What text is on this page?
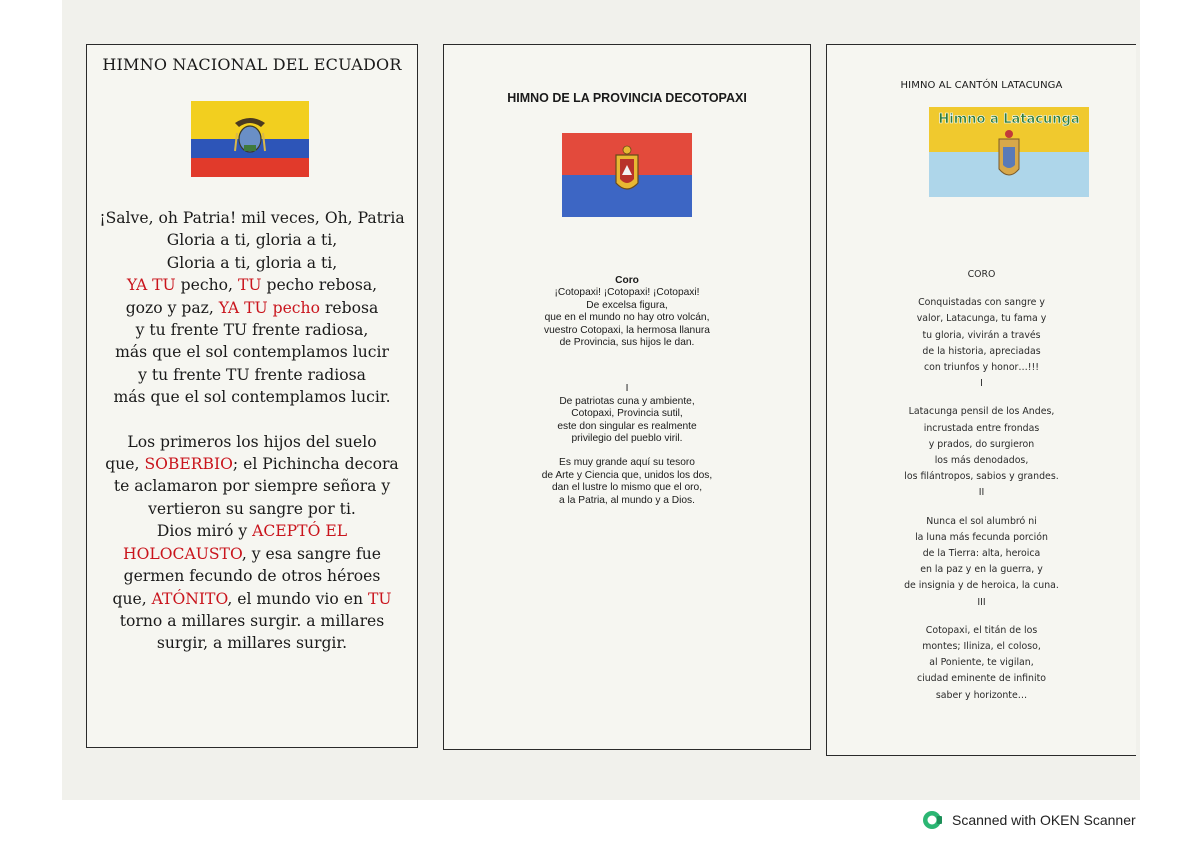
HIMNO NACIONAL DEL ECUADOR
¡Salve, oh Patria! mil veces, Oh, Patria
Gloria a ti, gloria a ti,
Gloria a ti, gloria a ti,
YA TU pecho, TU pecho rebosa,
gozo y paz, YA TU pecho rebosa
y tu frente TU frente radiosa,
más que el sol contemplamos lucir
y tu frente TU frente radiosa
más que el sol contemplamos lucir.
Los primeros los hijos del suelo
que, SOBERBIO; el Pichincha decora
te aclamaron por siempre señora y
vertieron su sangre por ti.
Dios miró y ACEPTÓ EL
HOLOCAUSTO, y esa sangre fue
germen fecundo de otros héroes
que, ATÓNITO, el mundo vio en TU
torno a millares surgir. a millares
surgir, a millares surgir.
HIMNO DE LA PROVINCIA DECOTOPAXI
Coro
¡Cotopaxi! ¡Cotopaxi! ¡Cotopaxi!
De excelsa figura,
que en el mundo no hay otro volcán,
vuestro Cotopaxi, la hermosa llanura
de Provincia, sus hijos le dan.
I
De patriotas cuna y ambiente,
Cotopaxi, Provincia sutil,
este don singular es realmente
privilegio del pueblo viril.
Es muy grande aquí su tesoro
de Arte y Ciencia que, unidos los dos,
dan el lustre lo mismo que el oro,
a la Patria, al mundo y a Dios.
HIMNO AL CANTÓN LATACUNGA
Himno a Latacunga
CORO
Conquistadas con sangre y
valor, Latacunga, tu fama y
tu gloria, vivirán a través
de la historia, apreciadas
con triunfos y honor…!!!
I
Latacunga pensil de los Andes,
incrustada entre frondas
y prados, do surgieron
los más denodados,
los filántropos, sabios y grandes.
II
Nunca el sol alumbró ni
la luna más fecunda porción
de la Tierra: alta, heroica
en la paz y en la guerra, y
de insignia y de heroica, la cuna.
III
Cotopaxi, el titán de los
montes; Iliniza, el coloso,
al Poniente, te vigilan,
ciudad eminente de infinito
saber y horizonte…
Scanned with OKEN Scanner
